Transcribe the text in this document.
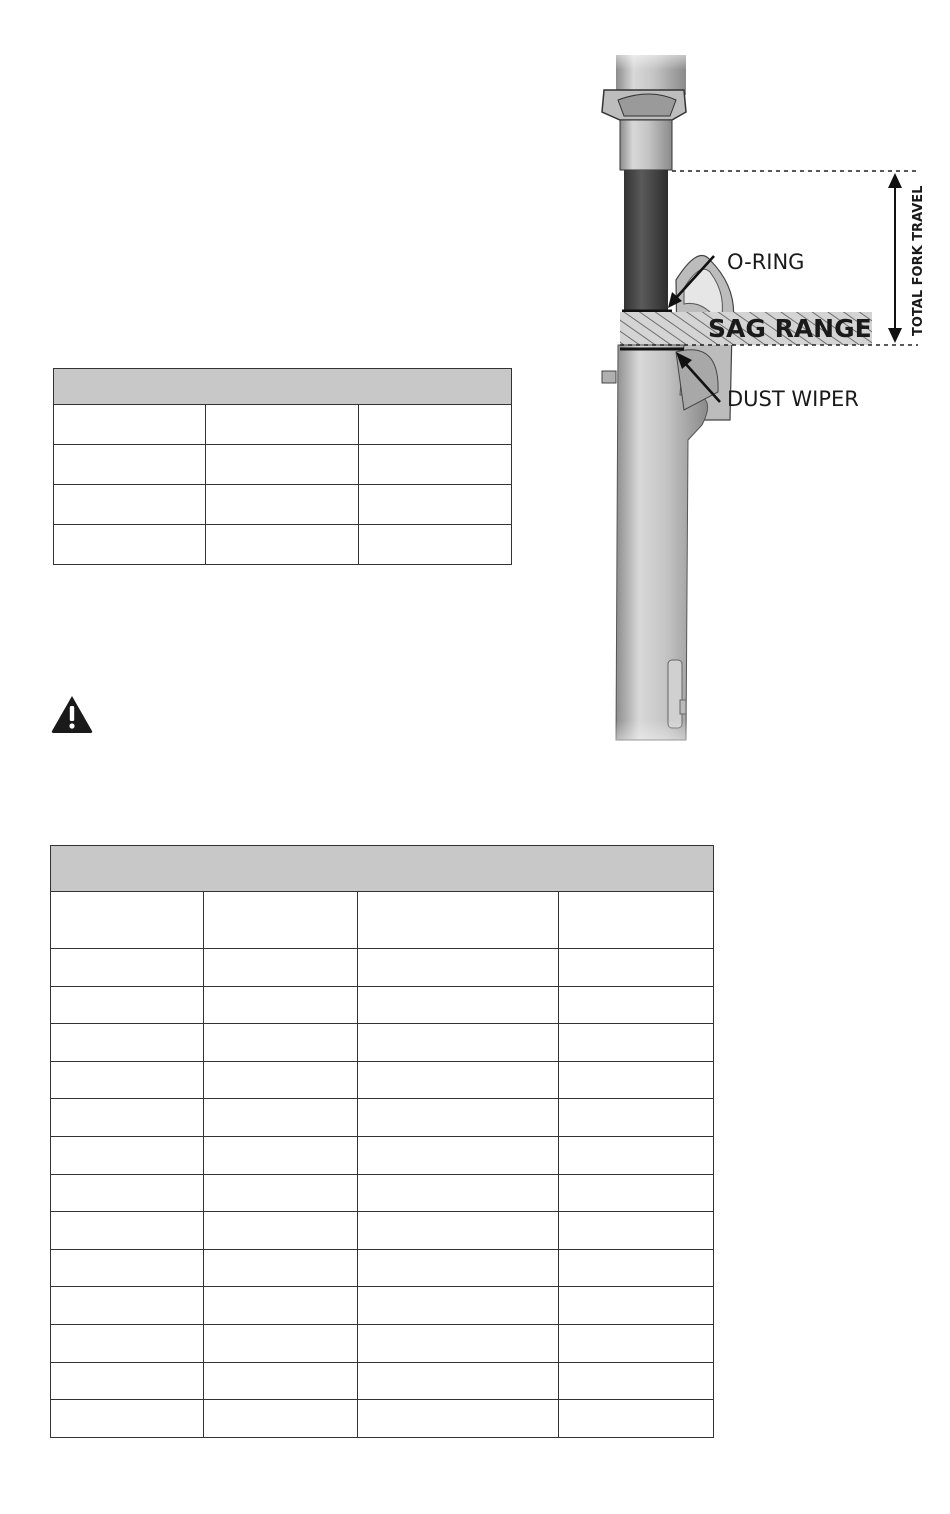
SAG RANGE	TOTAL FORK TRAVEL
O-RING
DUST WIPER
